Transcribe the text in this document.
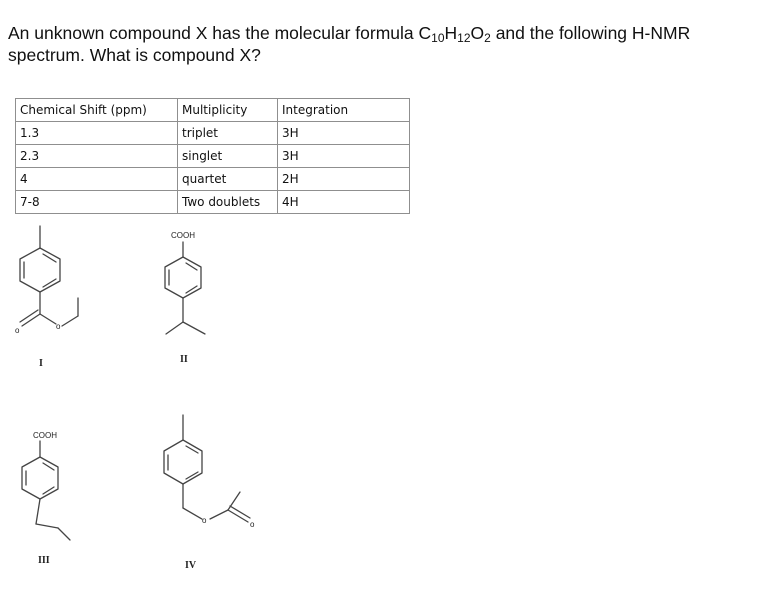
An unknown compound X has the molecular formula $C_{10}H_{12}O_2$ and the following H-NMR
spectrum. What is compound X?
Chemical Shift (ppm)	Multiplicity	Integration
1.3	triplet	3H
2.3	singlet	3H
4	quartet	2H
7-8	Two doublets	4H
o	o
COOH
COOH
o	o
I	II
III	IV
